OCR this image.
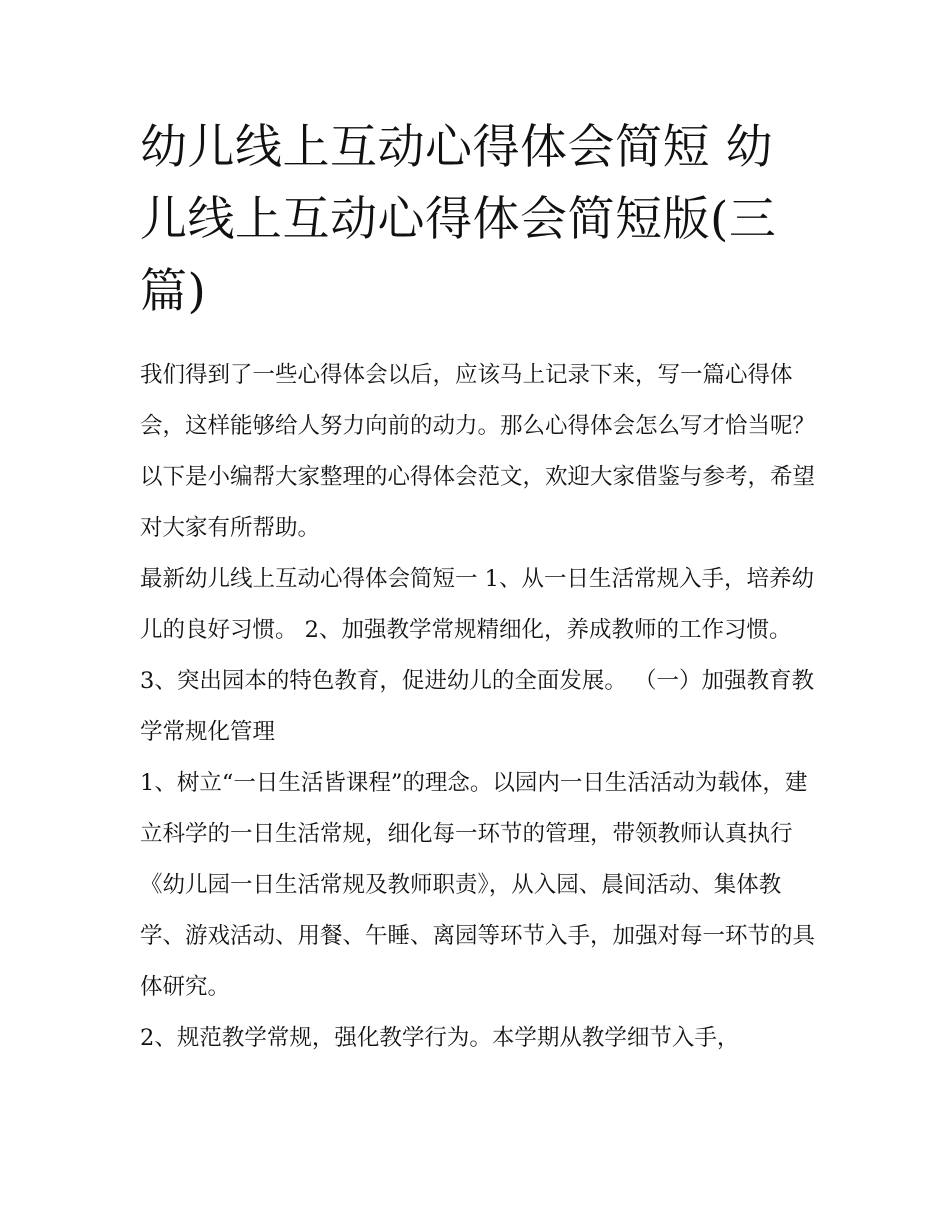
幼儿线上互动心得体会简短 幼儿线上互动心得体会简短版(三篇)

我们得到了一些心得体会以后，应该马上记录下来，写一篇心得体会，这样能够给人努力向前的动力。那么心得体会怎么写才恰当呢？以下是小编帮大家整理的心得体会范文，欢迎大家借鉴与参考，希望对大家有所帮助。

最新幼儿线上互动心得体会简短一 1、从一日生活常规入手，培养幼儿的良好习惯。 2、加强教学常规精细化，养成教师的工作习惯。

3、突出园本的特色教育，促进幼儿的全面发展。 （一）加强教育教学常规化管理

1、树立“一日生活皆课程”的理念。以园内一日生活活动为载体，建立科学的一日生活常规，细化每一环节的管理，带领教师认真执行《幼儿园一日生活常规及教师职责》，从入园、晨间活动、集体教学、游戏活动、用餐、午睡、离园等环节入手，加强对每一环节的具体研究。

2、规范教学常规，强化教学行为。本学期从教学细节入手，
